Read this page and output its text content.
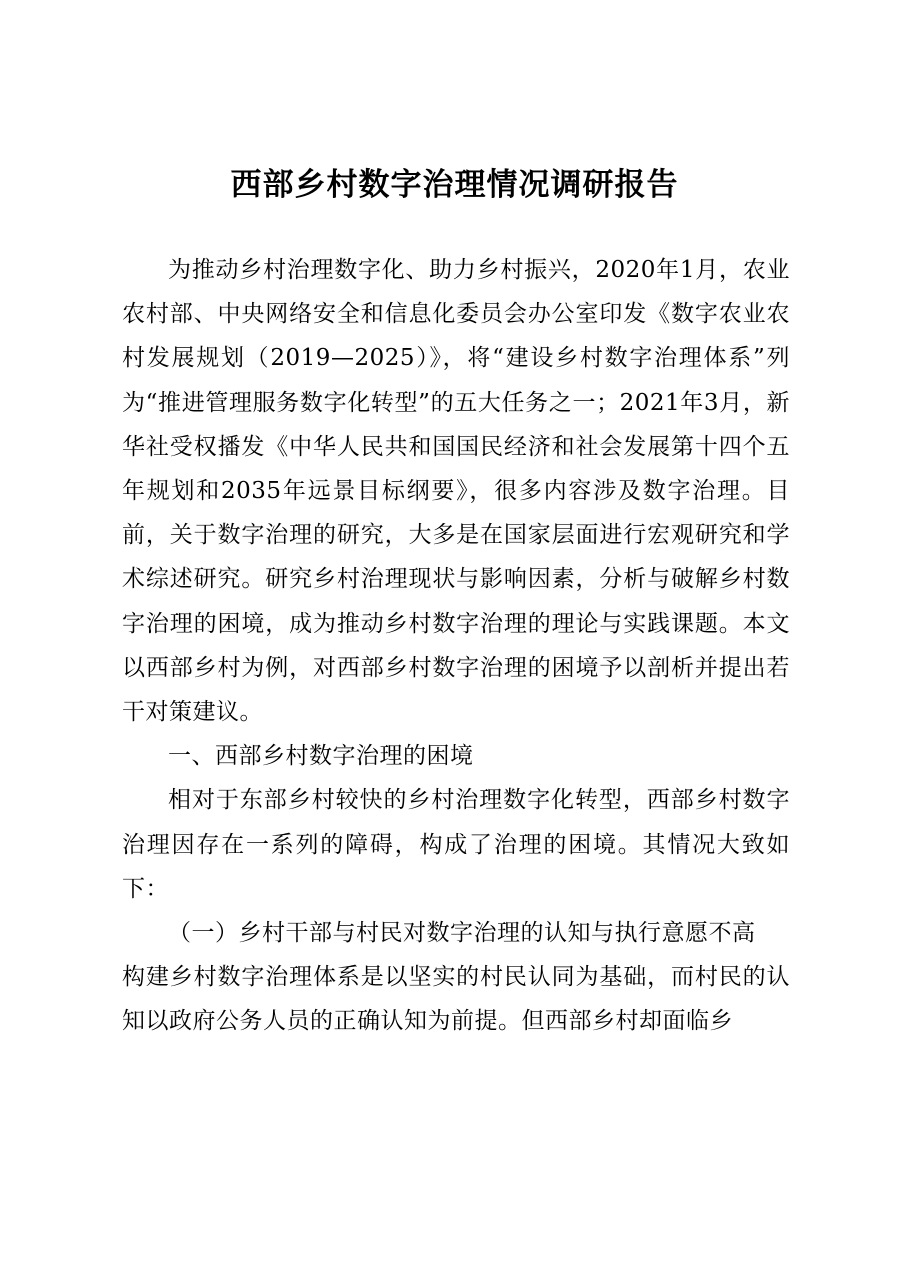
西部乡村数字治理情况调研报告

为推动乡村治理数字化、助力乡村振兴，2020年1月，农业农村部、中央网络安全和信息化委员会办公室印发《数字农业农村发展规划（2019—2025）》，将“建设乡村数字治理体系”列为“推进管理服务数字化转型”的五大任务之一；2021年3月，新华社受权播发《中华人民共和国国民经济和社会发展第十四个五年规划和2035年远景目标纲要》，很多内容涉及数字治理。目前，关于数字治理的研究，大多是在国家层面进行宏观研究和学术综述研究。研究乡村治理现状与影响因素，分析与破解乡村数字治理的困境，成为推动乡村数字治理的理论与实践课题。本文以西部乡村为例，对西部乡村数字治理的困境予以剖析并提出若干对策建议。

一、西部乡村数字治理的困境

相对于东部乡村较快的乡村治理数字化转型，西部乡村数字治理因存在一系列的障碍，构成了治理的困境。其情况大致如下：

（一）乡村干部与村民对数字治理的认知与执行意愿不高

构建乡村数字治理体系是以坚实的村民认同为基础，而村民的认知以政府公务人员的正确认知为前提。但西部乡村却面临乡
